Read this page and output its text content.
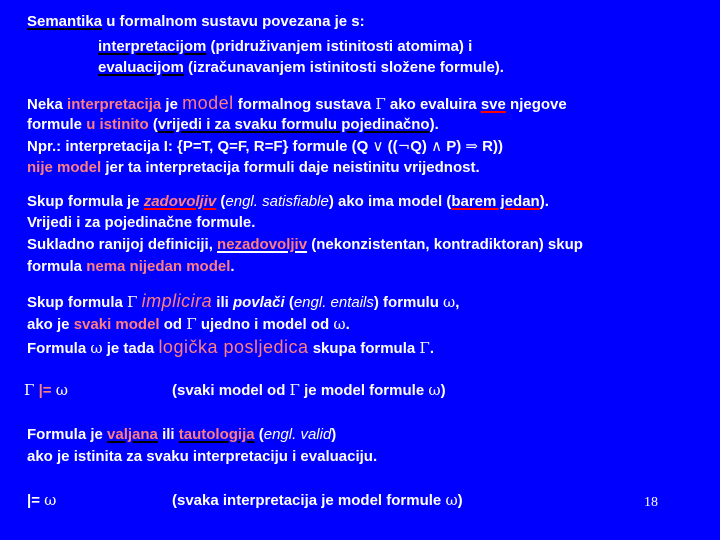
Semantika u formalnom sustavu povezana je s:
interpretacijom (pridruživanjem istinitosti atomima) i
evaluacijom (izračunavanjem istinitosti složene formule).
Neka interpretacija je model formalnog sustava Γ ako evaluira sve njegove
formule u istinito (vrijedi i za svaku formulu pojedinačno).
Npr.: interpretacija I: {P=T, Q=F, R=F} formule (Q ∨ ((¬Q) ∧ P) ⇒ R))
nije model jer ta interpretacija formuli daje neistinitu vrijednost.
Skup formula je zadovoljiv (engl. satisfiable) ako ima model (barem jedan).
Vrijedi i za pojedinačne formule.
Sukladno ranijoj definiciji, nezadovoljiv (nekonzistentan, kontradiktoran) skup
formula nema nijedan model.
Skup formula Γ implicira ili povlači (engl. entails) formulu ω,
ako je svaki model od Γ ujedno i model od ω.
Formula ω je tada logička posljedica skupa formula Γ.
Γ |= ω	(svaki model od Γ je model formule ω)
Formula je valjana ili tautologija (engl. valid)
ako je istinita za svaku interpretaciju i evaluaciju.
|= ω	(svaka interpretacija je model formule ω)	18
